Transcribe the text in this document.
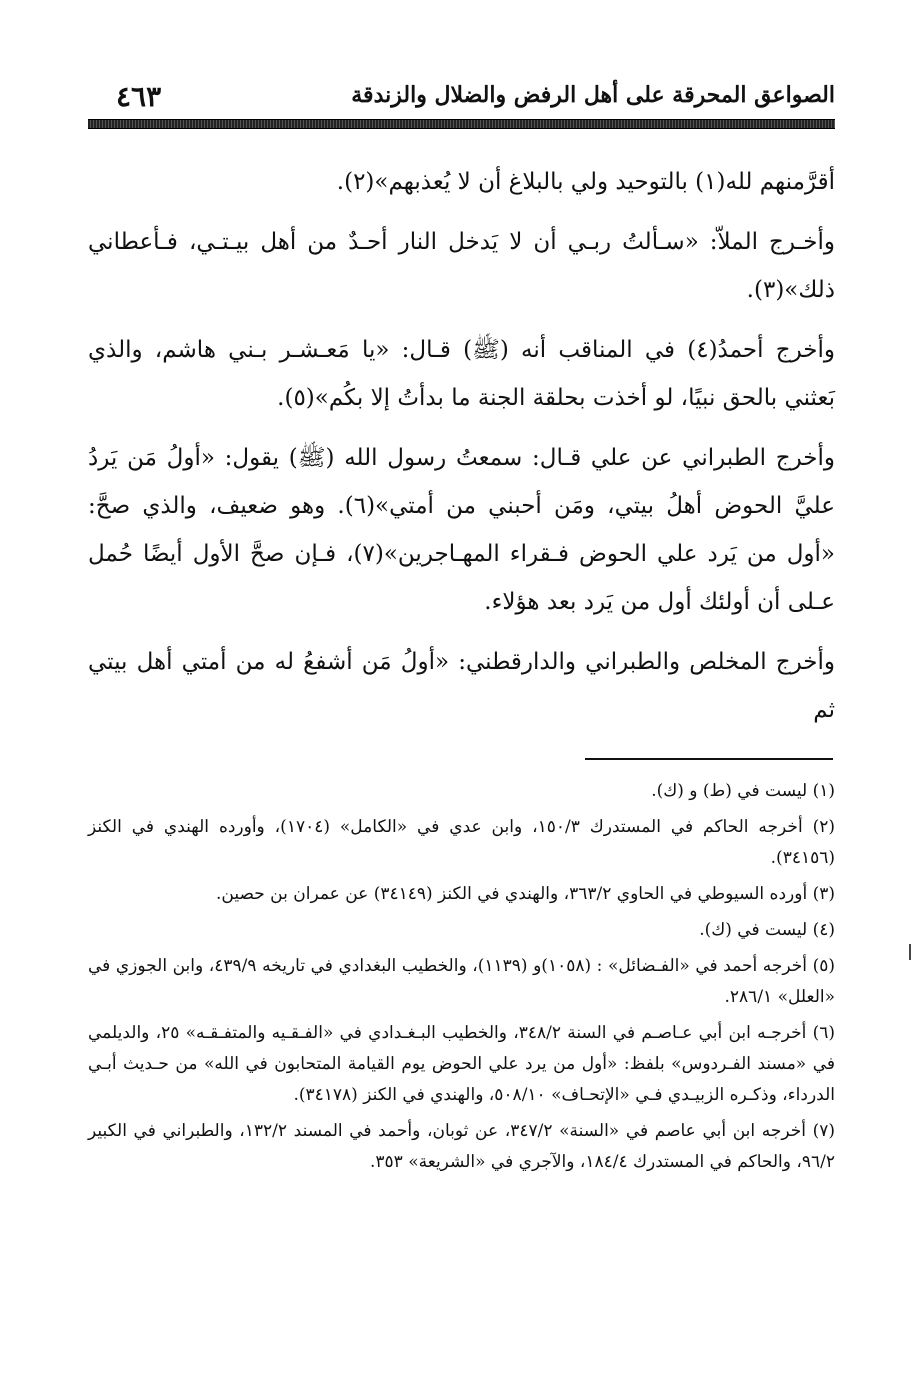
٤٦٣	الصواعق المحرقة على أهل الرفض والضلال والزندقة

أقرَّمنهم لله(١) بالتوحيد ولي بالبلاغ أن لا يُعذبهم»(٢).

وأخـرج الملاّ: «سـألتُ ربـي أن لا يَدخل النار أحـدٌ من أهل بيـتـي، فـأعطاني ذلك»(٣).

وأخرج أحمدُ(٤) في المناقب أنه (ﷺ) قـال: «يا مَعـشـر بـني هاشم، والذي بَعثني بالحق نبيًا، لو أخذت بحلقة الجنة ما بدأتُ إلا بكُم»(٥).

وأخرج الطبراني عن علي قـال: سمعتُ رسول الله (ﷺ) يقول: «أولُ مَن يَردُ عليَّ الحوض أهلُ بيتي، ومَن أحبني من أمتي»(٦). وهو ضعيف، والذي صحَّ: «أول من يَرد علي الحوض فـقراء المهـاجرين»(٧)، فـإن صحَّ الأول أيضًا حُمل عـلى أن أولئك أول من يَرد بعد هؤلاء.

وأخرج المخلص والطبراني والدارقطني: «أولُ مَن أشفعُ له من أمتي أهل بيتي ثم

(١) ليست في (ط) و (ك).

(٢) أخرجه الحاكم في المستدرك ١٥٠/٣، وابن عدي في «الكامل» (١٧٠٤)، وأورده الهندي في الكنز (٣٤١٥٦).

(٣) أورده السيوطي في الحاوي ٣٦٣/٢، والهندي في الكنز (٣٤١٤٩) عن عمران بن حصين.

(٤) ليست في (ك).

(٥) أخرجه أحمد في «الفـضائل» : (١٠٥٨)و (١١٣٩)، والخطيب البغدادي في تاريخه ٤٣٩/٩، وابن الجوزي في «العلل» ٢٨٦/١.

(٦) أخرجـه ابن أبي عـاصـم في السنة ٣٤٨/٢، والخطيب البـغـدادي في «الفـقـيه والمتفـقـه» ٢٥، والديلمي في «مسند الفـردوس» بلفظ: «أول من يرد علي الحوض يوم القيامة المتحابون في الله» من حـديث أبـي الدرداء، وذكـره الزبيـدي فـي «الإتحـاف» ٥٠٨/١٠، والهندي في الكنز (٣٤١٧٨).

(٧) أخرجه ابن أبي عاصم في «السنة» ٣٤٧/٢، عن ثوبان، وأحمد في المسند ١٣٢/٢، والطبراني في الكبير ٩٦/٢، والحاكم في المستدرك ١٨٤/٤، والآجري في «الشريعة» ٣٥٣.
